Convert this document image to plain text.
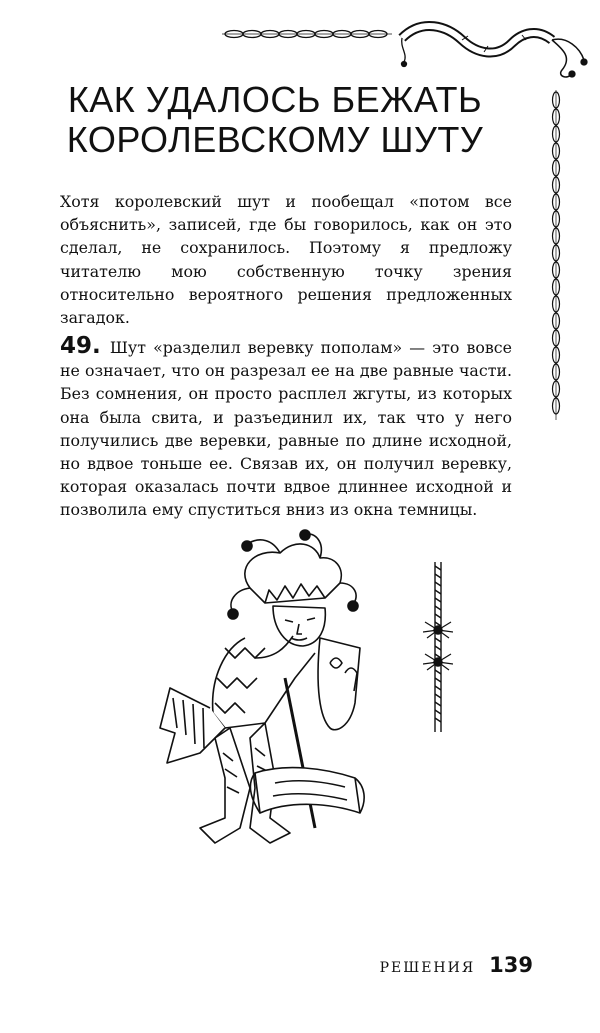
КАК УДАЛОСЬ БЕЖАТЬ
КОРОЛЕВСКОМУ ШУТУ

Хотя королевский шут и пообещал «потом все объяснить», записей, где бы говорилось, как он это сделал, не сохранилось. Поэтому я предложу читателю мою собственную точку зрения относительно вероятного решения предложенных загадок.

49. Шут «разделил веревку пополам» — это вовсе не означает, что он разрезал ее на две равные части. Без сомнения, он просто расплел жгуты, из которых она была свита, и разъединил их, так что у него получились две веревки, равные по длине исходной, но вдвое тоньше ее. Связав их, он получил веревку, которая оказалась почти вдвое длиннее исходной и позволила ему спуститься вниз из окна темницы.

РЕШЕНИЯ 139
